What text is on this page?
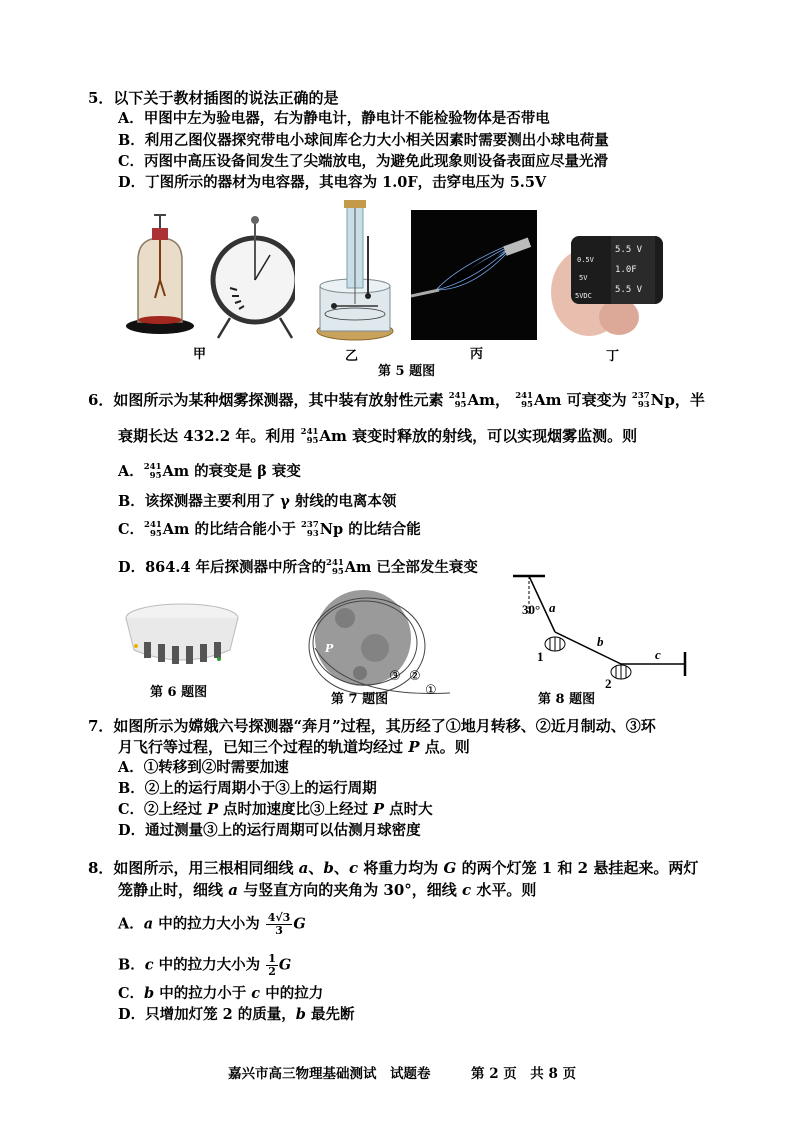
5．以下关于教材插图的说法正确的是
A．甲图中左为验电器，右为静电计，静电计不能检验物体是否带电
B．利用乙图仪器探究带电小球间库仑力大小相关因素时需要测出小球电荷量
C．丙图中高压设备间发生了尖端放电，为避免此现象则设备表面应尽量光滑
D．丁图所示的器材为电容器，其电容为 1.0F，击穿电压为 5.5V
甲	乙	丙
第 5 题图
5.5 V
1.0F
5.5 V
0.5V
5V
5VDC
丁
6．如图所示为某种烟雾探测器，其中装有放射性元素 241
95 Am， 241
95 Am 可衰变为 237
93 Np，半
衰期长达 432.2 年。利用 241
95 Am 衰变时释放的射线，可以实现烟雾监测。则
A． 241
95 Am 的衰变是 β 衰变
B．该探测器主要利用了 γ 射线的电离本领
C． 241
95 Am 的比结合能小于 237
93 Np 的比结合能
D．864.4 年后探测器中所含的 241
95 Am 已全部发生衰变
第 6 题图
P
③ ②
①
第 7 题图
30° a
b
c
1
2
第 8 题图
7．如图所示为嫦娥六号探测器“奔月”过程，其历经了①地月转移、②近月制动、③环
月飞行等过程，已知三个过程的轨道均经过 P 点。则
A．①转移到②时需要加速
B．②上的运行周期小于③上的运行周期
C．②上经过 P 点时加速度比③上经过 P 点时大
D．通过测量③上的运行周期可以估测月球密度
8．如图所示，用三根相同细线 a、b、c 将重力均为 G 的两个灯笼 1 和 2 悬挂起来。两灯
笼静止时，细线 a 与竖直方向的夹角为 30°，细线 c 水平。则
A．a 中的拉力大小为 $\frac{4√3}{3}$ G
B．c 中的拉力大小为 $\frac{1}{2}$ G
C．b 中的拉力小于 c 中的拉力
D．只增加灯笼 2 的质量，b 最先断
嘉兴市高三物理基础测试　试题卷　　　第 2 页　共 8 页
